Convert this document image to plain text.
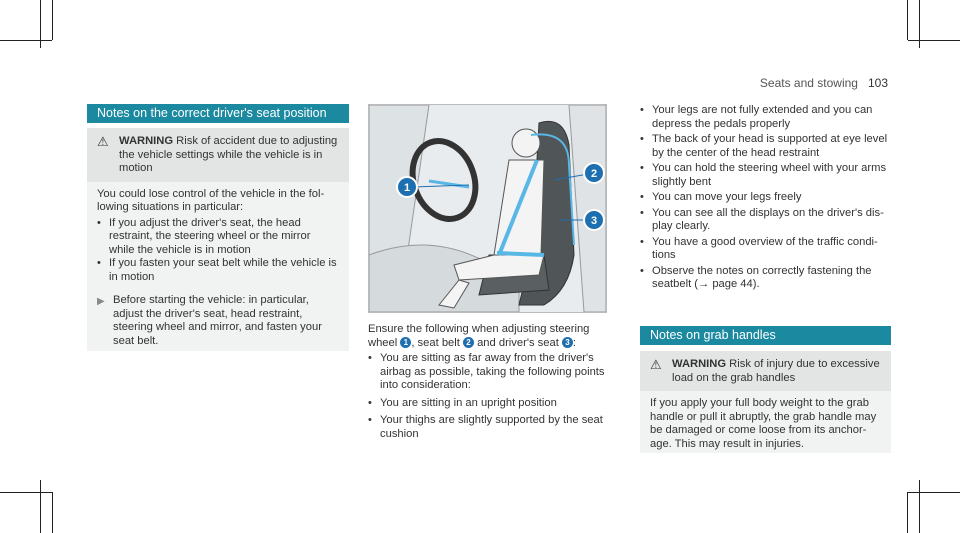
Seats and stowing 103
Notes on the correct driver's seat position
⚠ WARNING Risk of accident due to adjusting the vehicle settings while the vehicle is in motion
You could lose control of the vehicle in the following situations in particular:
• If you adjust the driver's seat, the head restraint, the steering wheel or the mirror while the vehicle is in motion
• If you fasten your seat belt while the vehicle is in motion
▶ Before starting the vehicle: in particular, adjust the driver's seat, head restraint, steering wheel and mirror, and fasten your seat belt.
1
2
3
Ensure the following when adjusting steering wheel 1 , seat belt 2 and driver's seat 3 :
• You are sitting as far away from the driver's airbag as possible, taking the following points into consideration:
• You are sitting in an upright position
• Your thighs are slightly supported by the seat cushion
• Your legs are not fully extended and you can depress the pedals properly
• The back of your head is supported at eye level by the center of the head restraint
• You can hold the steering wheel with your arms slightly bent
• You can move your legs freely
• You can see all the displays on the driver's display clearly.
• You have a good overview of the traffic conditions
• Observe the notes on correctly fastening the seatbelt (→ page 44).
Notes on grab handles
⚠ WARNING Risk of injury due to excessive load on the grab handles
If you apply your full body weight to the grab handle or pull it abruptly, the grab handle may be damaged or come loose from its anchorage. This may result in injuries.
